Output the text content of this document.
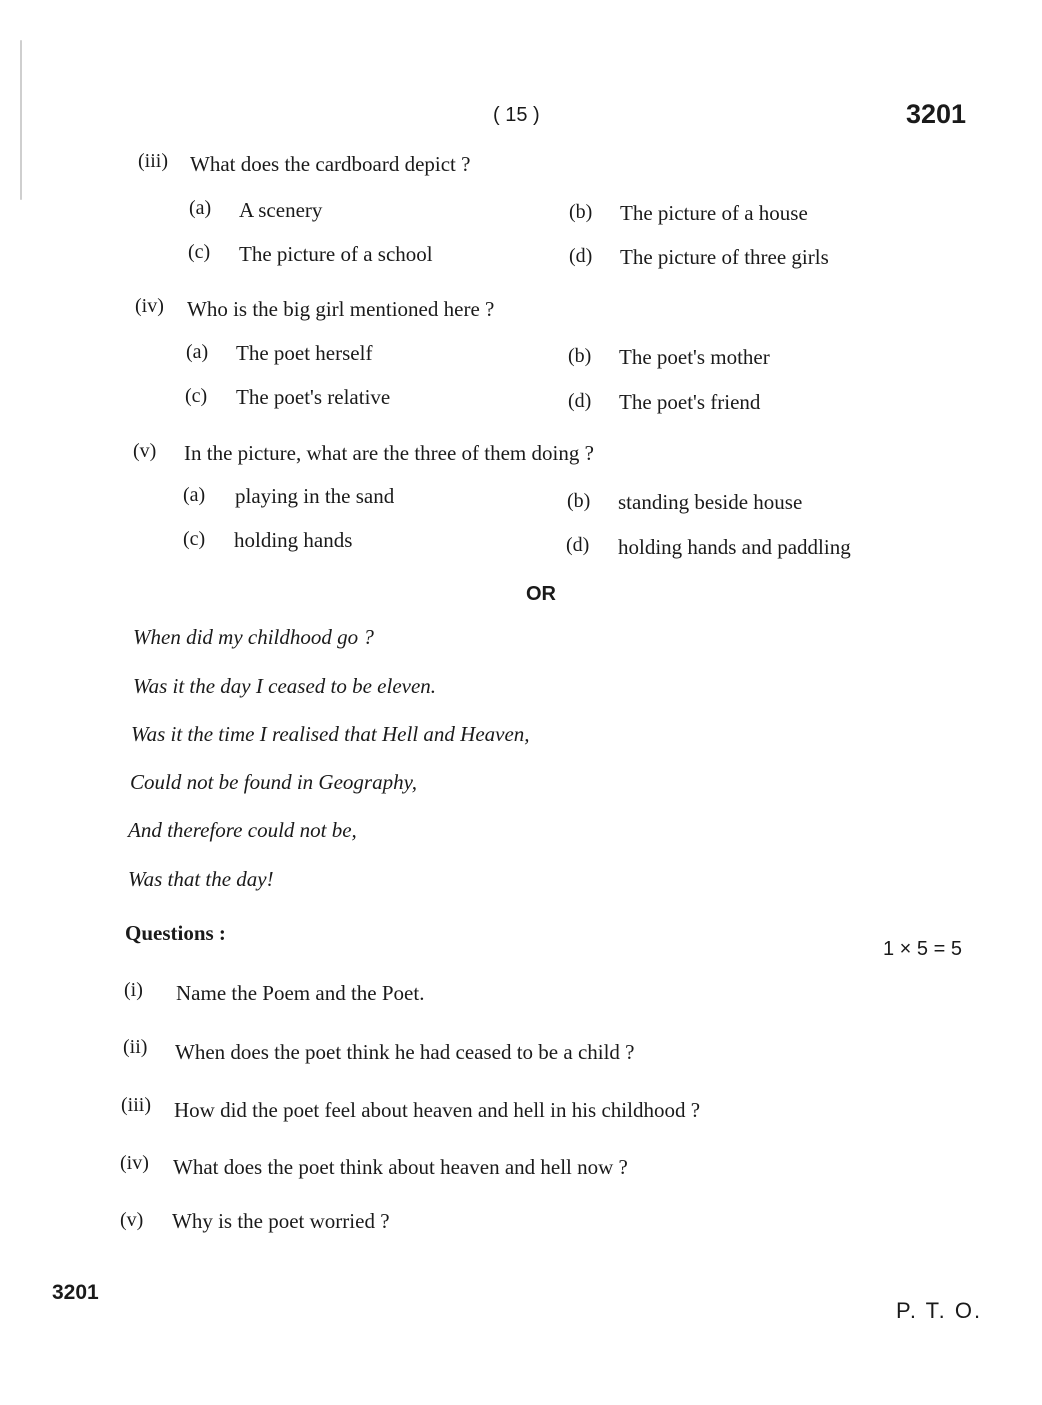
( 15 )	3201
(iii) What does the cardboard depict ?
(a) A scenery	(b) The picture of a house
(c) The picture of a school	(d) The picture of three girls
(iv) Who is the big girl mentioned here ?
(a) The poet herself	(b) The poet's mother
(c) The poet's relative	(d) The poet's friend
(v) In the picture, what are the three of them doing ?
(a) playing in the sand	(b) standing beside house
(c) holding hands	(d) holding hands and paddling
OR
When did my childhood go ?
Was it the day I ceased to be eleven.
Was it the time I realised that Hell and Heaven,
Could not be found in Geography,
And therefore could not be,
Was that the day!
Questions :
1 × 5 = 5
(i) Name the Poem and the Poet.
(ii) When does the poet think he had ceased to be a child ?
(iii) How did the poet feel about heaven and hell in his childhood ?
(iv) What does the poet think about heaven and hell now ?
(v) Why is the poet worried ?
3201
P. T. O.
